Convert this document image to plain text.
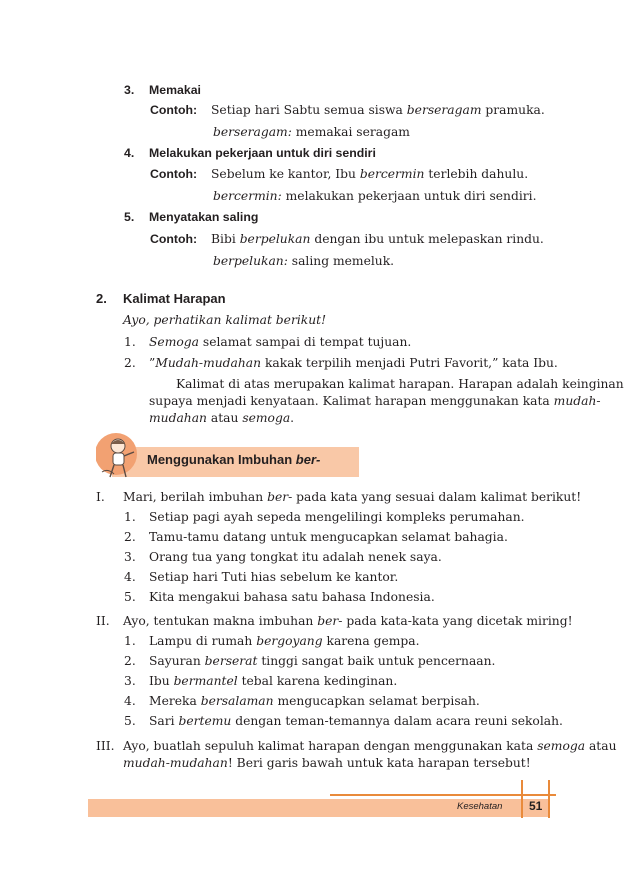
3. Memakai
Contoh: Setiap hari Sabtu semua siswa berseragam pramuka.
berseragam: memakai seragam
4. Melakukan pekerjaan untuk diri sendiri
Contoh: Sebelum ke kantor, Ibu bercermin terlebih dahulu.
bercermin: melakukan pekerjaan untuk diri sendiri.
5. Menyatakan saling
Contoh: Bibi berpelukan dengan ibu untuk melepaskan rindu.
berpelukan: saling memeluk.
2. Kalimat Harapan
Ayo, perhatikan kalimat berikut!
1. Semoga selamat sampai di tempat tujuan.
2. ”Mudah-mudahan kakak terpilih menjadi Putri Favorit,” kata Ibu.
Kalimat di atas merupakan kalimat harapan. Harapan adalah keinginan
supaya menjadi kenyataan. Kalimat harapan menggunakan kata mudah-
mudahan atau semoga.
Menggunakan Imbuhan ber-
I. Mari, berilah imbuhan ber- pada kata yang sesuai dalam kalimat berikut!
1. Setiap pagi ayah sepeda mengelilingi kompleks perumahan.
2. Tamu-tamu datang untuk mengucapkan selamat bahagia.
3. Orang tua yang tongkat itu adalah nenek saya.
4. Setiap hari Tuti hias sebelum ke kantor.
5. Kita mengakui bahasa satu bahasa Indonesia.
II. Ayo, tentukan makna imbuhan ber- pada kata-kata yang dicetak miring!
1. Lampu di rumah bergoyang karena gempa.
2. Sayuran berserat tinggi sangat baik untuk pencernaan.
3. Ibu bermantel tebal karena kedinginan.
4. Mereka bersalaman mengucapkan selamat berpisah.
5. Sari bertemu dengan teman-temannya dalam acara reuni sekolah.
III. Ayo, buatlah sepuluh kalimat harapan dengan menggunakan kata semoga atau
mudah-mudahan! Beri garis bawah untuk kata harapan tersebut!
Kesehatan 51
